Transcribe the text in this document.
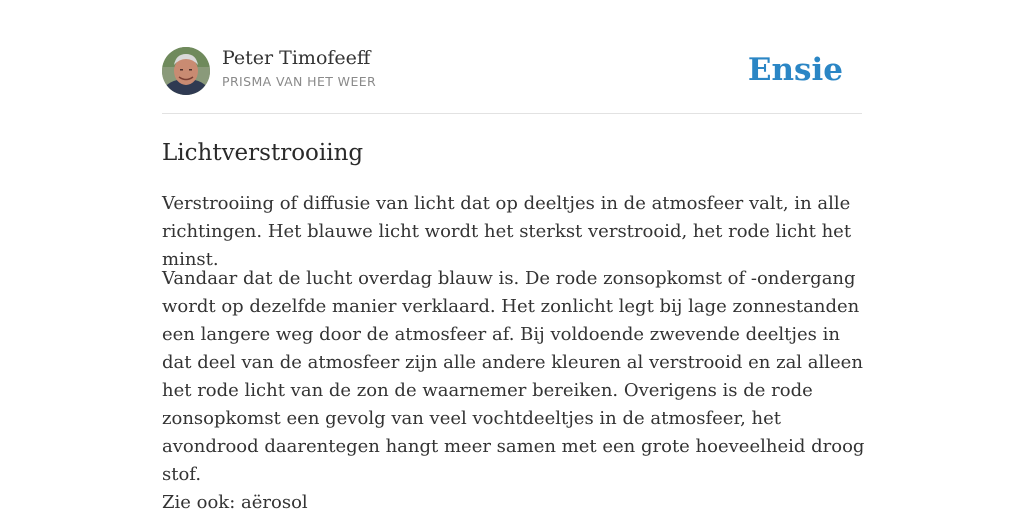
Peter Timofeeff
PRISMA VAN HET WEER	Ensie
Lichtverstrooiing

Verstrooiing of diffusie van licht dat op deeltjes in de atmosfeer valt, in alle richtingen. Het blauwe licht wordt het sterkst verstrooid, het rode licht het minst.

Vandaar dat de lucht overdag blauw is. De rode zonsopkomst of -ondergang wordt op dezelfde manier verklaard. Het zonlicht legt bij lage zonnestanden een langere weg door de atmosfeer af. Bij voldoende zwevende deeltjes in dat deel van de atmosfeer zijn alle andere kleuren al verstrooid en zal alleen het rode licht van de zon de waarnemer bereiken. Overigens is de rode zonsopkomst een gevolg van veel vochtdeeltjes in de atmosfeer, het avondrood daarentegen hangt meer samen met een grote hoeveelheid droog stof.

Zie ook: aërosol
